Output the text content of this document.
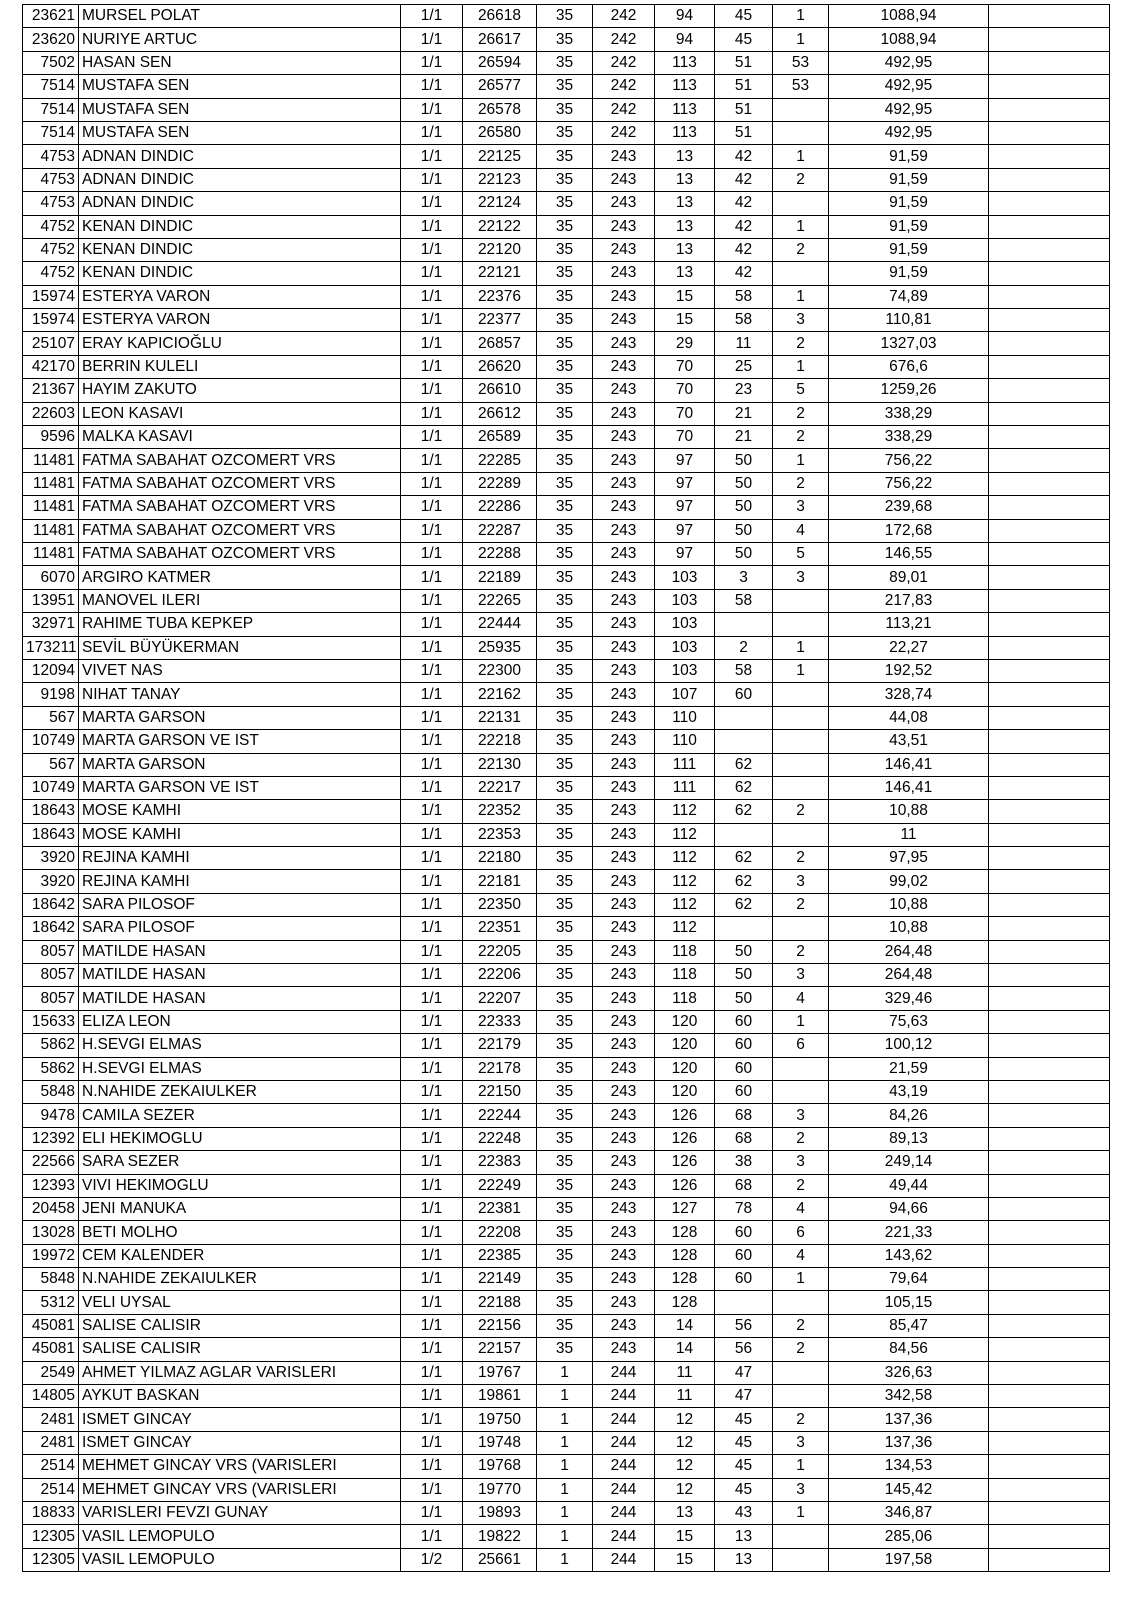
23621	MURSEL POLAT	1/1	26618	35	242	94	45	1	1088,94	
23620	NURIYE ARTUC	1/1	26617	35	242	94	45	1	1088,94	
7502	HASAN SEN	1/1	26594	35	242	113	51	53	492,95	
7514	MUSTAFA SEN	1/1	26577	35	242	113	51	53	492,95	
7514	MUSTAFA SEN	1/1	26578	35	242	113	51		492,95	
7514	MUSTAFA SEN	1/1	26580	35	242	113	51		492,95	
4753	ADNAN DINDIC	1/1	22125	35	243	13	42	1	91,59	
4753	ADNAN DINDIC	1/1	22123	35	243	13	42	2	91,59	
4753	ADNAN DINDIC	1/1	22124	35	243	13	42		91,59	
4752	KENAN DINDIC	1/1	22122	35	243	13	42	1	91,59	
4752	KENAN DINDIC	1/1	22120	35	243	13	42	2	91,59	
4752	KENAN DINDIC	1/1	22121	35	243	13	42		91,59	
15974	ESTERYA VARON	1/1	22376	35	243	15	58	1	74,89	
15974	ESTERYA VARON	1/1	22377	35	243	15	58	3	110,81	
25107	ERAY KAPICIOĞLU	1/1	26857	35	243	29	11	2	1327,03	
42170	BERRIN KULELI	1/1	26620	35	243	70	25	1	676,6	
21367	HAYIM ZAKUTO	1/1	26610	35	243	70	23	5	1259,26	
22603	LEON KASAVI	1/1	26612	35	243	70	21	2	338,29	
9596	MALKA KASAVI	1/1	26589	35	243	70	21	2	338,29	
11481	FATMA SABAHAT OZCOMERT VRS	1/1	22285	35	243	97	50	1	756,22	
11481	FATMA SABAHAT OZCOMERT VRS	1/1	22289	35	243	97	50	2	756,22	
11481	FATMA SABAHAT OZCOMERT VRS	1/1	22286	35	243	97	50	3	239,68	
11481	FATMA SABAHAT OZCOMERT VRS	1/1	22287	35	243	97	50	4	172,68	
11481	FATMA SABAHAT OZCOMERT VRS	1/1	22288	35	243	97	50	5	146,55	
6070	ARGIRO KATMER	1/1	22189	35	243	103	3	3	89,01	
13951	MANOVEL ILERI	1/1	22265	35	243	103	58		217,83	
32971	RAHIME TUBA KEPKEP	1/1	22444	35	243	103			113,21	
173211	SEVİL BÜYÜKERMAN	1/1	25935	35	243	103	2	1	22,27	
12094	VIVET NAS	1/1	22300	35	243	103	58	1	192,52	
9198	NIHAT TANAY	1/1	22162	35	243	107	60		328,74	
567	MARTA GARSON	1/1	22131	35	243	110			44,08	
10749	MARTA GARSON VE IST	1/1	22218	35	243	110			43,51	
567	MARTA GARSON	1/1	22130	35	243	111	62		146,41	
10749	MARTA GARSON VE IST	1/1	22217	35	243	111	62		146,41	
18643	MOSE KAMHI	1/1	22352	35	243	112	62	2	10,88	
18643	MOSE KAMHI	1/1	22353	35	243	112			11	
3920	REJINA KAMHI	1/1	22180	35	243	112	62	2	97,95	
3920	REJINA KAMHI	1/1	22181	35	243	112	62	3	99,02	
18642	SARA PILOSOF	1/1	22350	35	243	112	62	2	10,88	
18642	SARA PILOSOF	1/1	22351	35	243	112			10,88	
8057	MATILDE HASAN	1/1	22205	35	243	118	50	2	264,48	
8057	MATILDE HASAN	1/1	22206	35	243	118	50	3	264,48	
8057	MATILDE HASAN	1/1	22207	35	243	118	50	4	329,46	
15633	ELIZA LEON	1/1	22333	35	243	120	60	1	75,63	
5862	H.SEVGI ELMAS	1/1	22179	35	243	120	60	6	100,12	
5862	H.SEVGI ELMAS	1/1	22178	35	243	120	60		21,59	
5848	N.NAHIDE ZEKAIULKER	1/1	22150	35	243	120	60		43,19	
9478	CAMILA SEZER	1/1	22244	35	243	126	68	3	84,26	
12392	ELI HEKIMOGLU	1/1	22248	35	243	126	68	2	89,13	
22566	SARA SEZER	1/1	22383	35	243	126	38	3	249,14	
12393	VIVI HEKIMOGLU	1/1	22249	35	243	126	68	2	49,44	
20458	JENI MANUKA	1/1	22381	35	243	127	78	4	94,66	
13028	BETI MOLHO	1/1	22208	35	243	128	60	6	221,33	
19972	CEM KALENDER	1/1	22385	35	243	128	60	4	143,62	
5848	N.NAHIDE ZEKAIULKER	1/1	22149	35	243	128	60	1	79,64	
5312	VELI UYSAL	1/1	22188	35	243	128			105,15	
45081	SALISE CALISIR	1/1	22156	35	243	14	56	2	85,47	
45081	SALISE CALISIR	1/1	22157	35	243	14	56	2	84,56	
2549	AHMET YILMAZ AGLAR VARISLERI	1/1	19767	1	244	11	47		326,63	
14805	AYKUT BASKAN	1/1	19861	1	244	11	47		342,58	
2481	ISMET GINCAY	1/1	19750	1	244	12	45	2	137,36	
2481	ISMET GINCAY	1/1	19748	1	244	12	45	3	137,36	
2514	MEHMET GINCAY VRS (VARISLERI	1/1	19768	1	244	12	45	1	134,53	
2514	MEHMET GINCAY VRS (VARISLERI	1/1	19770	1	244	12	45	3	145,42	
18833	VARISLERI FEVZI GUNAY	1/1	19893	1	244	13	43	1	346,87	
12305	VASIL LEMOPULO	1/1	19822	1	244	15	13		285,06	
12305	VASIL LEMOPULO	1/2	25661	1	244	15	13		197,58	
